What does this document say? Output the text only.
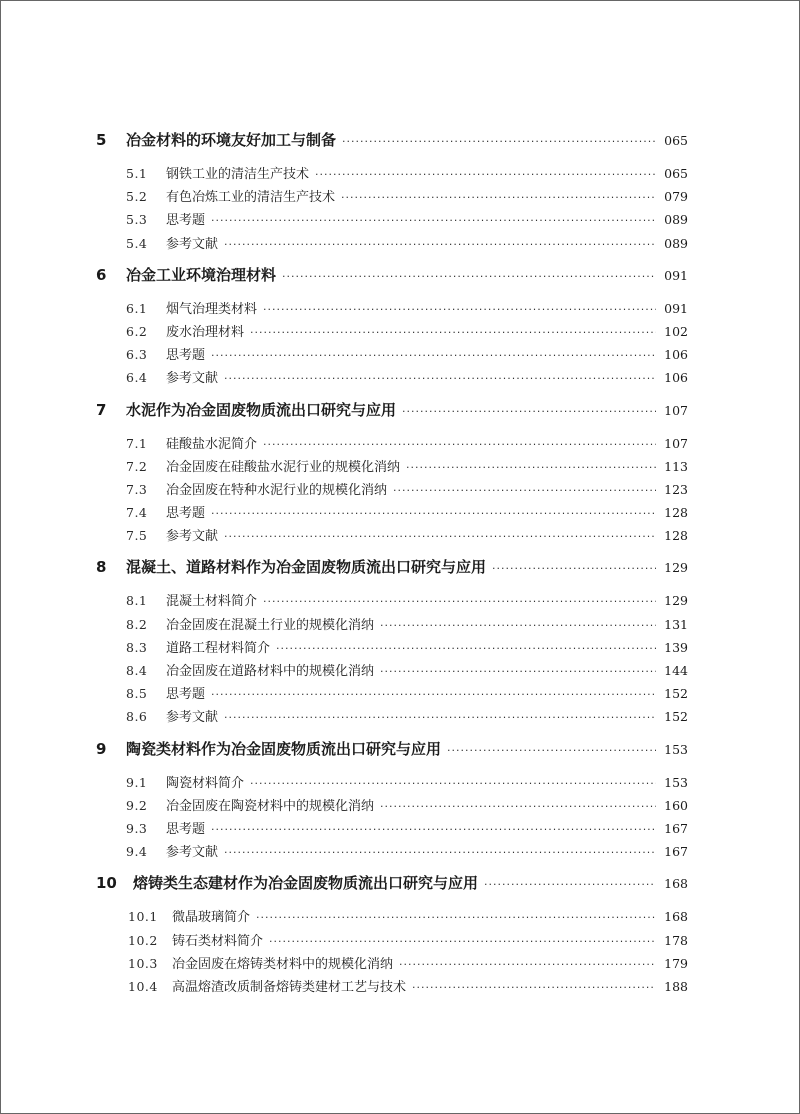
5	冶金材料的环境友好加工与制备 ·····	065
5.1	钢铁工业的清洁生产技术 ·····	065
5.2	有色冶炼工业的清洁生产技术 ·····	079
5.3	思考题 ·····	089
5.4	参考文献 ·····	089
6	冶金工业环境治理材料 ·····	091
6.1	烟气治理类材料 ·····	091
6.2	废水治理材料 ·····	102
6.3	思考题 ·····	106
6.4	参考文献 ·····	106
7	水泥作为冶金固废物质流出口研究与应用 ·····	107
7.1	硅酸盐水泥简介 ·····	107
7.2	冶金固废在硅酸盐水泥行业的规模化消纳 ·····	113
7.3	冶金固废在特种水泥行业的规模化消纳 ·····	123
7.4	思考题 ·····	128
7.5	参考文献 ·····	128
8	混凝土、道路材料作为冶金固废物质流出口研究与应用 ·····	129
8.1	混凝土材料简介 ·····	129
8.2	冶金固废在混凝土行业的规模化消纳 ·····	131
8.3	道路工程材料简介 ·····	139
8.4	冶金固废在道路材料中的规模化消纳 ·····	144
8.5	思考题 ·····	152
8.6	参考文献 ·····	152
9	陶瓷类材料作为冶金固废物质流出口研究与应用 ·····	153
9.1	陶瓷材料简介 ·····	153
9.2	冶金固废在陶瓷材料中的规模化消纳 ·····	160
9.3	思考题 ·····	167
9.4	参考文献 ·····	167
10	熔铸类生态建材作为冶金固废物质流出口研究与应用 ·····	168
10.1	微晶玻璃简介 ·····	168
10.2	铸石类材料简介 ·····	178
10.3	冶金固废在熔铸类材料中的规模化消纳 ·····	179
10.4	高温熔渣改质制备熔铸类建材工艺与技术 ·····	188
